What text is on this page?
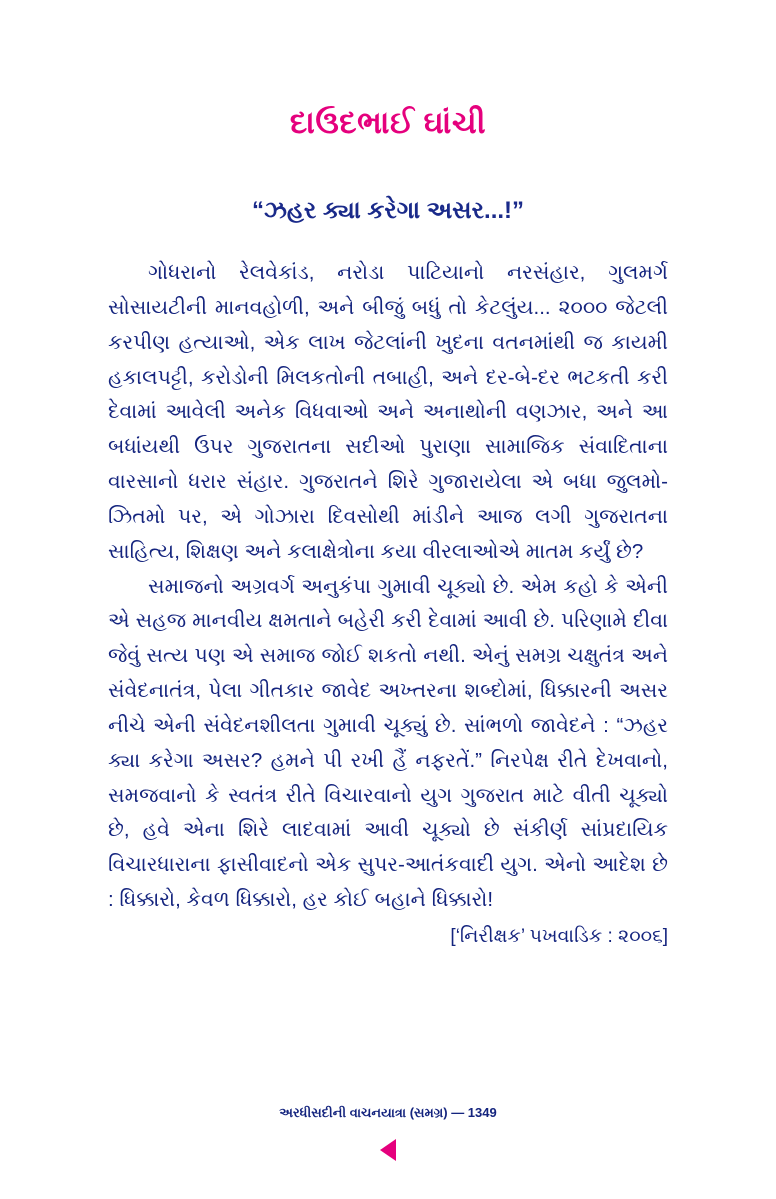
દાઉદભાઈ ઘાંચી
“ઝહર ક્યા કરેગા અસર...!”

ગોધરાનો રેલવેકાંડ, નરોડા પાટિયાનો નરસંહાર, ગુલમર્ગ સોસાયટીની માનવહોળી, અને બીજું બધું તો કેટલુંય... ૨૦૦૦ જેટલી કરપીણ હત્યાઓ, એક લાખ જેટલાંની ખુદના વતનમાંથી જ કાયમી હકાલપટ્ટી, કરોડોની મિલકતોની તબાહી, અને દર-બે-દર ભટકતી કરી દેવામાં આવેલી અનેક વિધવાઓ અને અનાથોની વણઝાર, અને આ બધાંયથી ઉપર ગુજરાતના સદીઓ પુરાણા સામાજિક સંવાદિતાના વારસાનો ધરાર સંહાર. ગુજરાતને શિરે ગુજારાયેલા એ બધા જુલમો-ઝિતમો પર, એ ગોઝારા દિવસોથી માંડીને આજ લગી ગુજરાતના સાહિત્ય, શિક્ષણ અને કલાક્ષેત્રોના કયા વીરલાઓએ માતમ કર્યું છે?

સમાજનો અગ્રવર્ગ અનુકંપા ગુમાવી ચૂક્યો છે. એમ કહો કે એની એ સહજ માનવીય ક્ષમતાને બહેરી કરી દેવામાં આવી છે. પરિણામે દીવા જેવું સત્ય પણ એ સમાજ જોઈ શકતો નથી. એનું સમગ્ર ચક્ષુતંત્ર અને સંવેદનાતંત્ર, પેલા ગીતકાર જાવેદ અખ્તરના શબ્દોમાં, ધિક્કારની અસર નીચે એની સંવેદનશીલતા ગુમાવી ચૂક્યું છે. સાંભળો જાવેદને : “ઝહર ક્યા કરેગા અસર? હમને પી રખી હૈં નફરતેં.” નિરપેક્ષ રીતે દેખવાનો, સમજવાનો કે સ્વતંત્ર રીતે વિચારવાનો યુગ ગુજરાત માટે વીતી ચૂક્યો છે, હવે એના શિરે લાદવામાં આવી ચૂક્યો છે સંકીર્ણ સાંપ્રદાયિક વિચારધારાના ફાસીવાદનો એક સુપર-આતંકવાદી યુગ. એનો આદેશ છે : ધિક્કારો, કેવળ ધિક્કારો, હર કોઈ બહાને ધિક્કારો!

[‘નિરીક્ષક’ પખવાડિક : ૨૦૦૬]
અરધીસદીની વાચનયાત્રા (સમગ્ર) — 1349
